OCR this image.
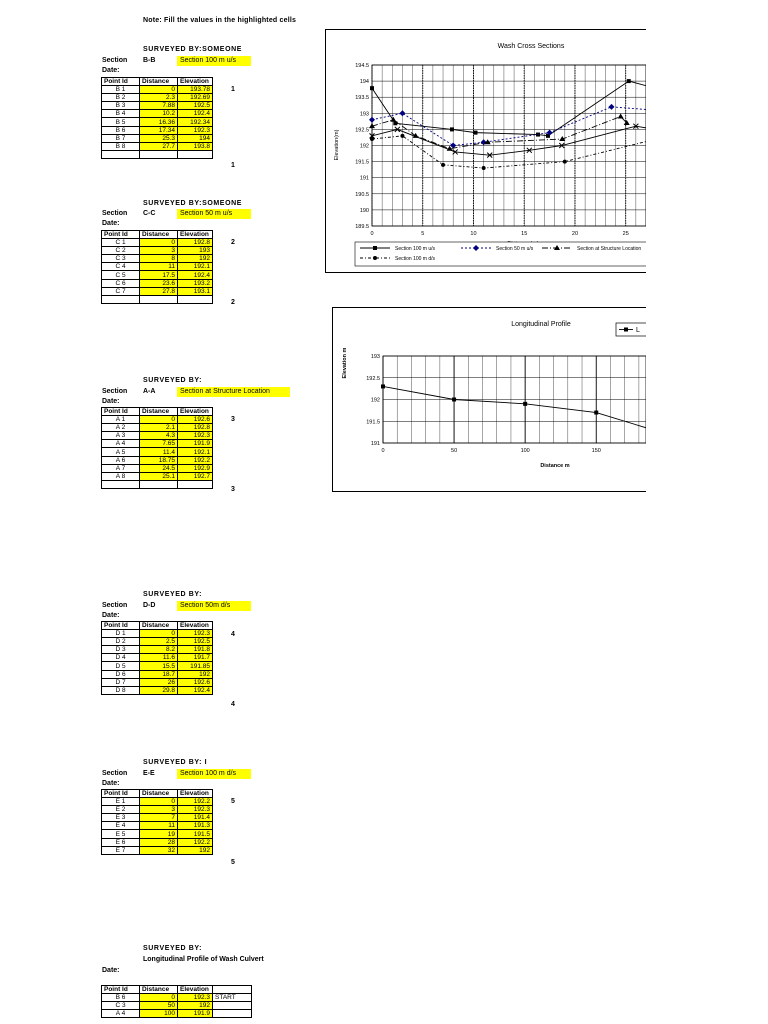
Note: Fill the values in the highlighted cells
SURVEYED BY:SOMEONE
Section B-B	Section 100 m u/s
Date:
Point Id	Distance	Elevation
B 1	0	193.78
B 2	2.3	192.69
B 3	7.88	192.5
B 4	10.2	192.4
B 5	16.36	192.34
B 6	17.34	192.3
B 7	25.3	194
B 8	27.7	193.8

1
1
SURVEYED BY:SOMEONE
Section C-C	Section 50 m u/s
Date:
Point Id	Distance	Elevation
C 1	0	192.8
C 2	3	193
C 3	8	192
C 4	11	192.1
C 5	17.5	192.4
C 6	23.6	193.2
C 7	27.8	193.1

2
2
SURVEYED BY:
Section A-A	Section at Structure Location
Date:
Point Id	Distance	Elevation
A 1	0	192.6
A 2	2.1	192.8
A 3	4.3	192.3
A 4	7.65	191.9
A 5	11.4	192.1
A 6	18.75	192.2
A 7	24.5	192.9
A 8	25.1	192.7

3
3
SURVEYED BY:
Section D-D	Section 50m d/s
Date:
Point Id	Distance	Elevation
D 1	0	192.3
D 2	2.5	192.5
D 3	8.2	191.8
D 4	11.6	191.7
D 5	15.5	191.85
D 6	18.7	192
D 7	26	192.6
D 8	29.8	192.4
4
4
SURVEYED BY: I
Section E-E	Section 100 m d/s
Date:
Point Id	Distance	Elevation
E 1	0	192.2
E 2	3	192.3
E 3	7	191.4
E 4	11	191.3
E 5	19	191.5
E 6	28	192.2
E 7	32	192
5
5
SURVEYED BY:
Longitudinal Profile of Wash Culvert
Date:
Point Id	Distance	Elevation	
B 6	0	192.3	START
C 3	50	192	
A 4	100	191.9	
Wash Cross Sections
189.5
190
190.5
191
191.5
192
192.5
193
193.5
194
194.5
0	5	10	15	20	25
Elevation(m)
Section 100 m u/s	Section 50 m u/s	Section at Structure Location
Section 100 m d/s
Longitudinal Profile
191
191.5
192
192.5
193
0	50	100	150
Distance m
Elevation m
L
